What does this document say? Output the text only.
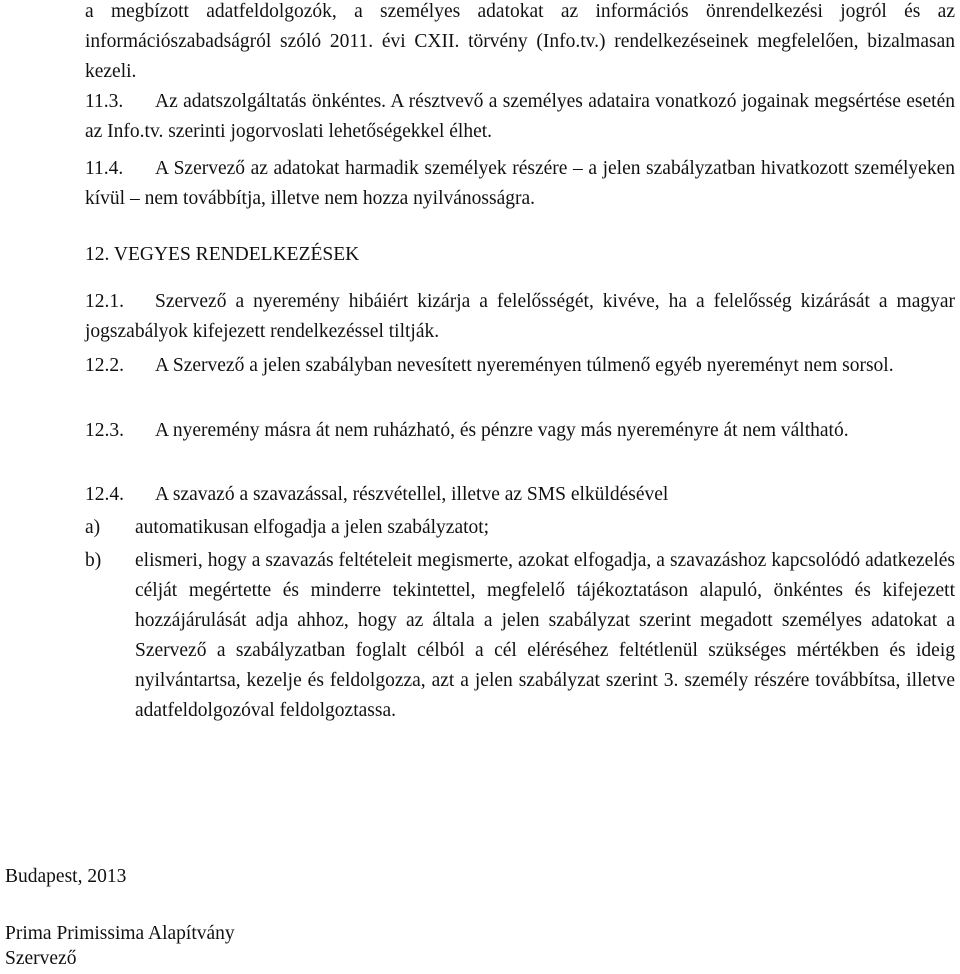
a megbízott adatfeldolgozók, a személyes adatokat az információs önrendelkezési jogról és az információszabadságról szóló 2011. évi CXII. törvény (Info.tv.) rendelkezéseinek megfelelően, bizalmasan kezeli.

11.3.	Az adatszolgáltatás önkéntes. A résztvevő a személyes adataira vonatkozó jogainak megsértése esetén az Info.tv. szerinti jogorvoslati lehetőségekkel élhet.

11.4.	A Szervező az adatokat harmadik személyek részére – a jelen szabályzatban hivatkozott személyeken kívül – nem továbbítja, illetve nem hozza nyilvánosságra.

12. VEGYES RENDELKEZÉSEK
12.1.	Szervező a nyeremény hibáiért kizárja a felelősségét, kivéve, ha a felelősség kizárását a magyar jogszabályok kifejezett rendelkezéssel tiltják.

12.2.	A Szervező a jelen szabályban nevesített nyereményen túlmenő egyéb nyereményt nem sorsol.

12.3.	A nyeremény másra át nem ruházható, és pénzre vagy más nyereményre át nem váltható.

12.4.	A szavazó a szavazással, részvétellel, illetve az SMS elküldésével

a) automatikusan elfogadja a jelen szabályzatot;

b) elismeri, hogy a szavazás feltételeit megismerte, azokat elfogadja, a szavazáshoz kapcsolódó adatkezelés célját megértette és minderre tekintettel, megfelelő tájékoztatáson alapuló, önkéntes és kifejezett hozzájárulását adja ahhoz, hogy az általa a jelen szabályzat szerint megadott személyes adatokat a Szervező a szabályzatban foglalt célból a cél eléréséhez feltétlenül szükséges mértékben és ideig nyilvántartsa, kezelje és feldolgozza, azt a jelen szabályzat szerint 3. személy részére továbbítsa, illetve adatfeldolgozóval feldolgoztassa.

Budapest, 2013

Prima Primissima Alapítvány

Szervező
